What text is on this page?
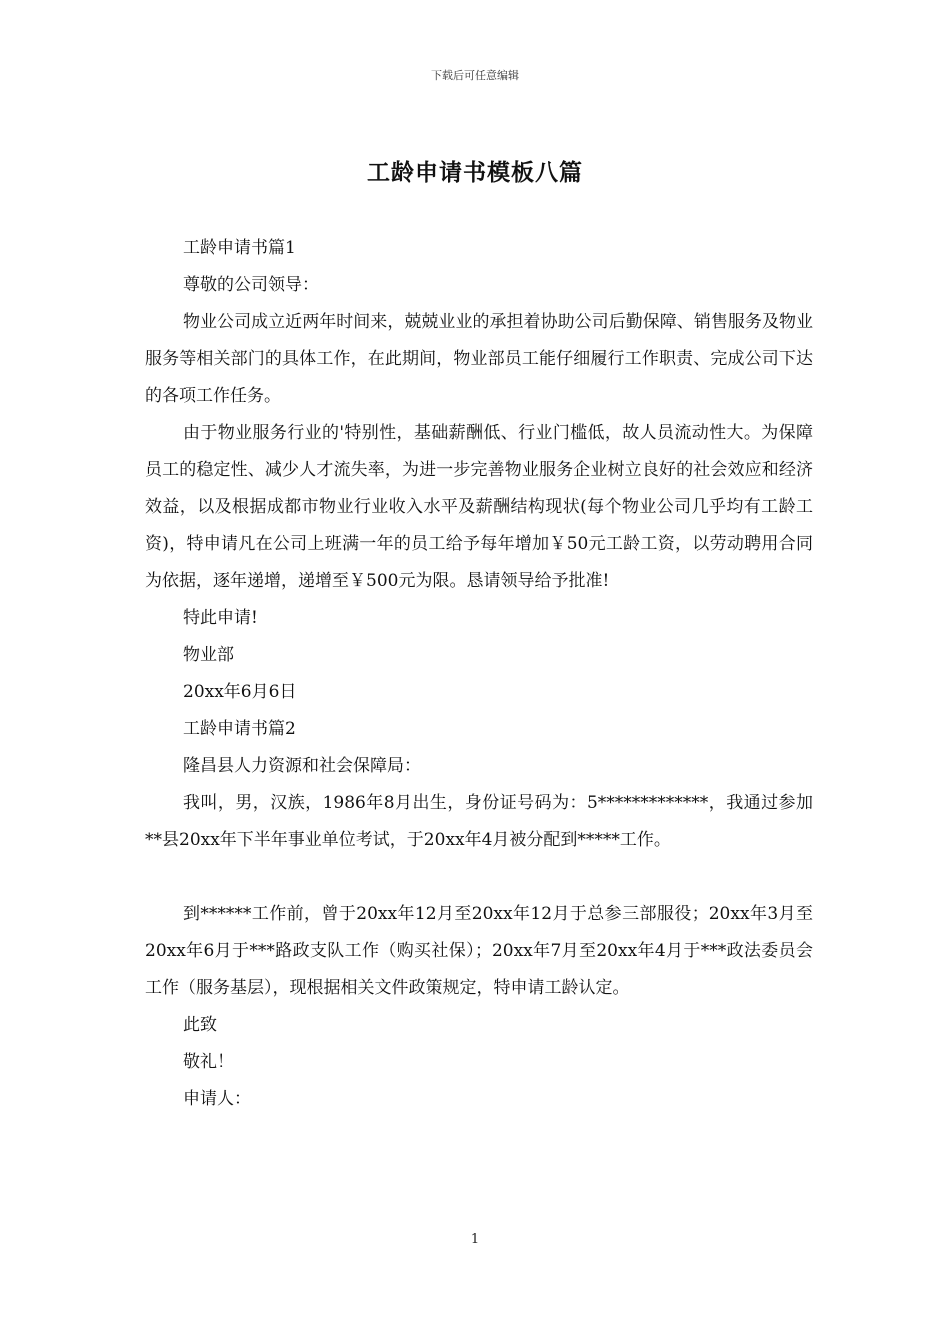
下载后可任意编辑
工龄申请书模板八篇

工龄申请书篇1

尊敬的公司领导：

物业公司成立近两年时间来，兢兢业业的承担着协助公司后勤保障、销售服务及物业服务等相关部门的具体工作，在此期间，物业部员工能仔细履行工作职责、完成公司下达的各项工作任务。

由于物业服务行业的'特别性，基础薪酬低、行业门槛低，故人员流动性大。为保障员工的稳定性、减少人才流失率，为进一步完善物业服务企业树立良好的社会效应和经济效益，以及根据成都市物业行业收入水平及薪酬结构现状(每个物业公司几乎均有工龄工资)，特申请凡在公司上班满一年的员工给予每年增加￥50元工龄工资，以劳动聘用合同为依据，逐年递增，递增至￥500元为限。恳请领导给予批准!

特此申请!

物业部

20xx年6月6日

工龄申请书篇2

隆昌县人力资源和社会保障局：

我叫，男，汉族，1986年8月出生，身份证号码为：5*************，我通过参加**县20xx年下半年事业单位考试，于20xx年4月被分配到*****工作。

到******工作前，曾于20xx年12月至20xx年12月于总参三部服役；20xx年3月至20xx年6月于***路政支队工作（购买社保）；20xx年7月至20xx年4月于***政法委员会工作（服务基层），现根据相关文件政策规定，特申请工龄认定。

此致

敬礼！

申请人：

1
